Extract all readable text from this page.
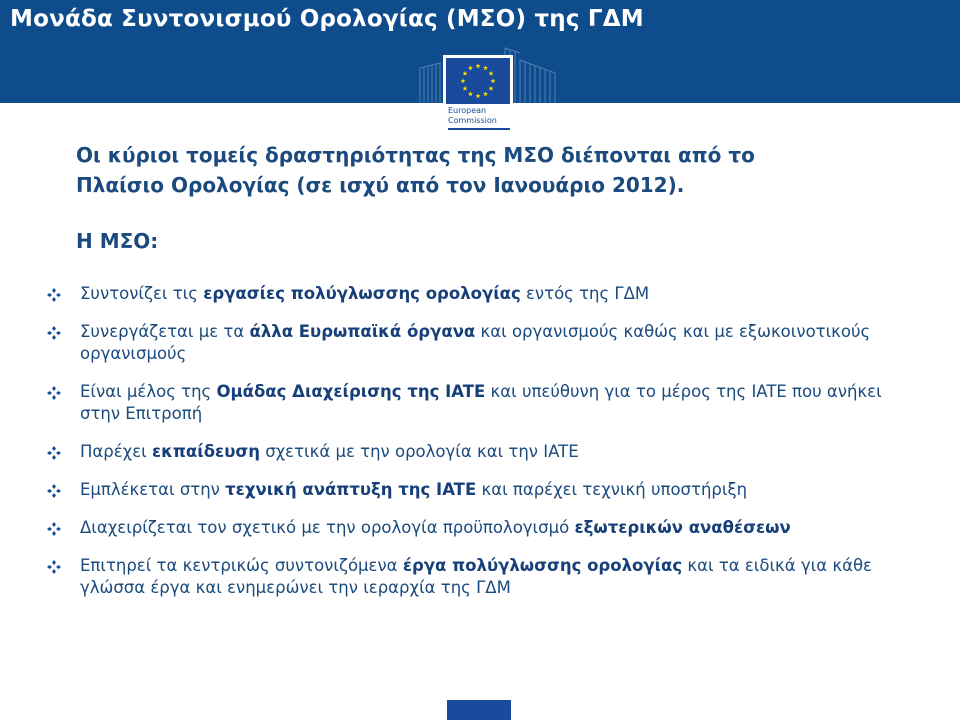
Μονάδα Συντονισμού Ορολογίας (ΜΣΟ) της ΓΔΜ
European
Commission
Οι κύριοι τομείς δραστηριότητας της ΜΣΟ διέπονται από το
Πλαίσιο Ορολογίας (σε ισχύ από τον Ιανουάριο 2012).
Η ΜΣΟ:
Συντονίζει τις εργασίες πολύγλωσσης ορολογίας εντός της ΓΔΜ
Συνεργάζεται με τα άλλα Ευρωπαϊκά όργανα και οργανισμούς καθώς και με εξωκοινοτικούς οργανισμούς
Είναι μέλος της Ομάδας Διαχείρισης της IATE και υπεύθυνη για το μέρος της IATE που ανήκει στην Επιτροπή
Παρέχει εκπαίδευση σχετικά με την ορολογία και την IATE
Εμπλέκεται στην τεχνική ανάπτυξη της IATE και παρέχει τεχνική υποστήριξη
Διαχειρίζεται τον σχετικό με την ορολογία προϋπολογισμό εξωτερικών αναθέσεων
Επιτηρεί τα κεντρικώς συντονιζόμενα έργα πολύγλωσσης ορολογίας και τα ειδικά για κάθε γλώσσα έργα και ενημερώνει την ιεραρχία της ΓΔΜ
